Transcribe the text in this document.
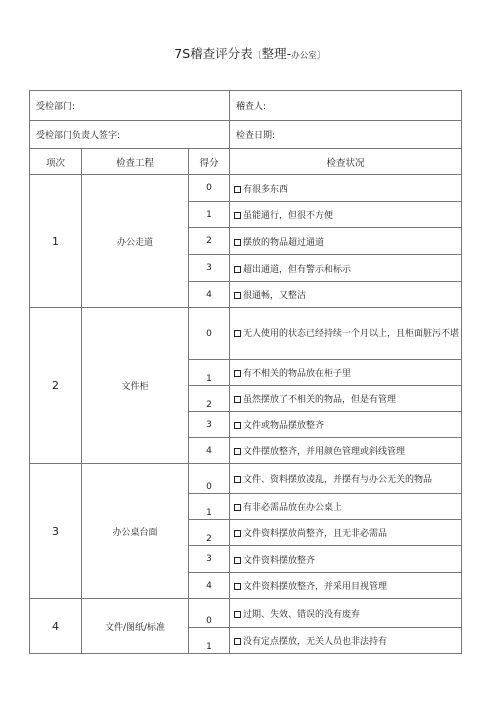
7S稽查评分表〔整理-办公室〕
受检部门:			稽查人:
受检部门负责人签字:			检查日期:
项次	检查工程	得分	检查状况
1	办公走道	0	有很多东西
		1	虽能通行，但很不方便
		2	摆放的物品超过通道
		3	超出通道，但有警示和标示
		4	很通畅，又整洁
2	文件柜	0	无人使用的状态已经持续一个月以上，且柜面脏污不堪
		1	有不相关的物品放在柜子里
		2	虽然摆放了不相关的物品，但是有管理
		3	文件或物品摆放整齐
		4	文件摆放整齐，并用颜色管理或斜线管理
3	办公桌台面	0	文件、资料摆放凌乱，并摆有与办公无关的物品
		1	有非必需品放在办公桌上
		2	文件资料摆放尚整齐，且无非必需品
		3	文件资料摆放整齐
		4	文件资料摆放整齐，并采用目视管理
4	文件/图纸/标准	0	过期、失效、错误的没有废弃
		1	没有定点摆放，无关人员也非法持有
